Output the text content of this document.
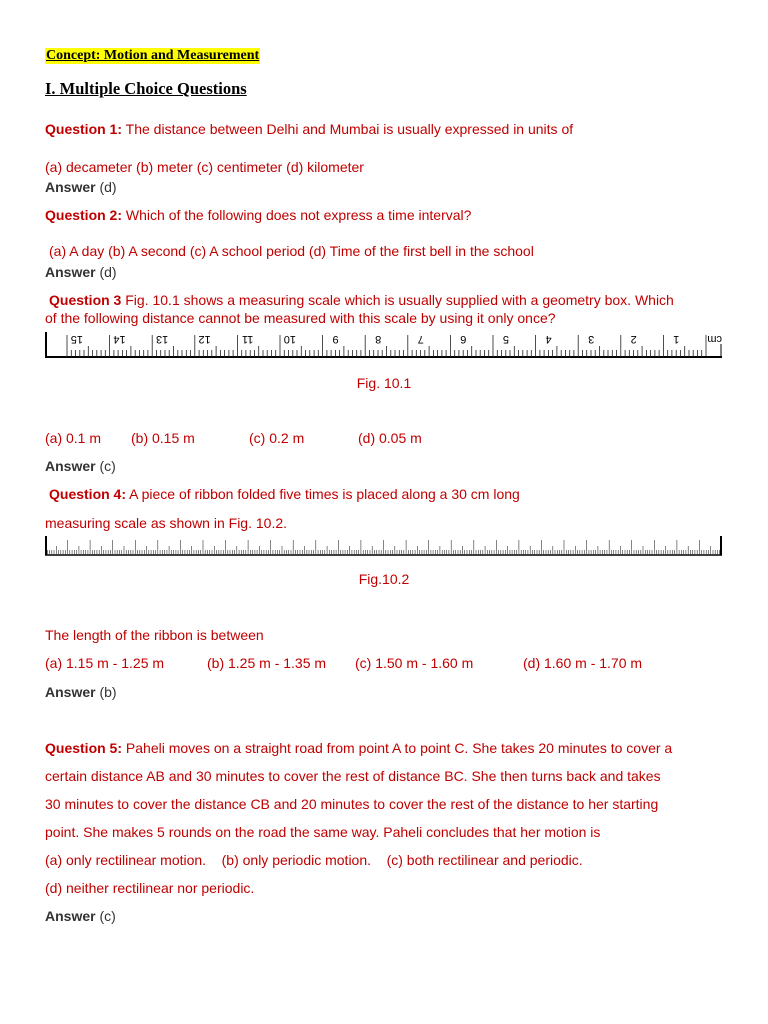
Concept: Motion and Measurement
I. Multiple Choice Questions
Question 1: The distance between Delhi and Mumbai is usually expressed in units of
(a) decameter (b) meter (c) centimeter (d) kilometer
Answer (d)
Question 2: Which of the following does not express a time interval?
(a) A day (b) A second (c) A school period (d) Time of the first bell in the school
Answer (d)
Question 3 Fig. 10.1 shows a measuring scale which is usually supplied with a geometry box. Which
of the following distance cannot be measured with this scale by using it only once?
15	14	13	12	11	10	9	8	7	6	5	4	3	2	1	cm
Fig. 10.1
(a) 0.1 m (b) 0.15 m	(c) 0.2 m	(d) 0.05 m
Answer (c)
Question 4: A piece of ribbon folded five times is placed along a 30 cm long
measuring scale as shown in Fig. 10.2.
Fig.10.2
The length of the ribbon is between
(a) 1.15 m - 1.25 m	(b) 1.25 m - 1.35 m (c) 1.50 m - 1.60 m	(d) 1.60 m - 1.70 m
Answer (b)
Question 5: Paheli moves on a straight road from point A to point C. She takes 20 minutes to cover a
certain distance AB and 30 minutes to cover the rest of distance BC. She then turns back and takes
30 minutes to cover the distance CB and 20 minutes to cover the rest of the distance to her starting
point. She makes 5 rounds on the road the same way. Paheli concludes that her motion is
(a) only rectilinear motion.    (b) only periodic motion.    (c) both rectilinear and periodic.
(d) neither rectilinear nor periodic.
Answer (c)
